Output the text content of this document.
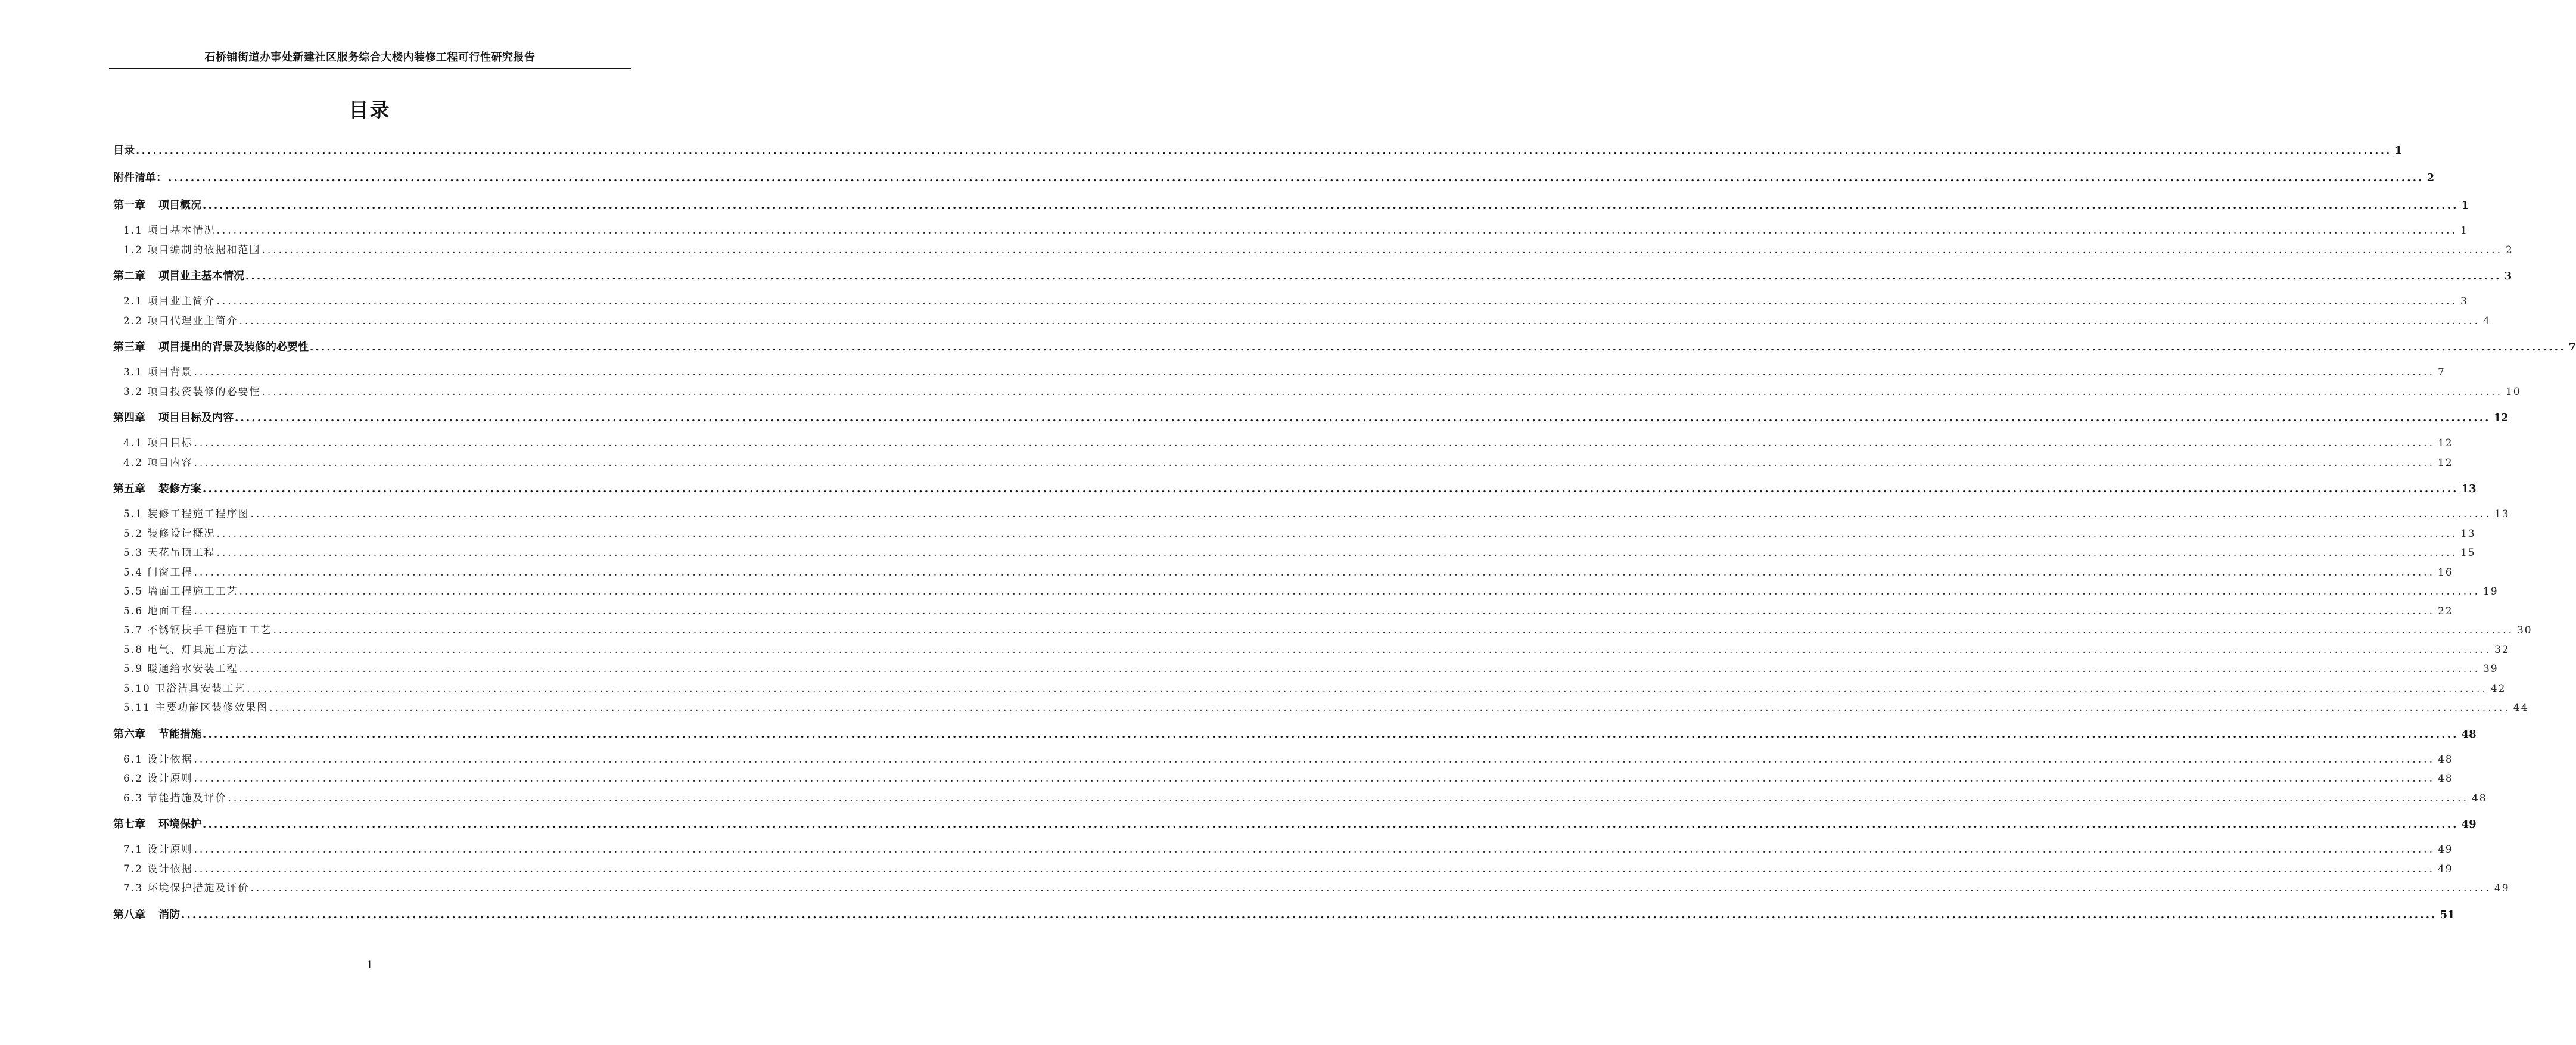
石桥铺街道办事处新建社区服务综合大楼内装修工程可行性研究报告
目录
目录 ................................................................................................................................................................................................................................................................................................................................................................................................................ 1
附件清单： ................................................................................................................................................................................................................................................................................................................................................................................................................ 2
第一章 项目概况 ................................................................................................................................................................................................................................................................................................................................................................................................................ 1
1.1 项目基本情况 ................................................................................................................................................................................................................................................................................................................................................................................................................ 1
1.2 项目编制的依据和范围 ................................................................................................................................................................................................................................................................................................................................................................................................................ 2
第二章 项目业主基本情况 ................................................................................................................................................................................................................................................................................................................................................................................................................ 3
2.1 项目业主简介 ................................................................................................................................................................................................................................................................................................................................................................................................................ 3
2.2 项目代理业主简介 ................................................................................................................................................................................................................................................................................................................................................................................................................ 4
第三章 项目提出的背景及装修的必要性 ................................................................................................................................................................................................................................................................................................................................................................................................................ 7
3.1 项目背景 ................................................................................................................................................................................................................................................................................................................................................................................................................ 7
3.2 项目投资装修的必要性 ................................................................................................................................................................................................................................................................................................................................................................................................................ 10
第四章 项目目标及内容 ................................................................................................................................................................................................................................................................................................................................................................................................................ 12
4.1 项目目标 ................................................................................................................................................................................................................................................................................................................................................................................................................ 12
4.2 项目内容 ................................................................................................................................................................................................................................................................................................................................................................................................................ 12
第五章 装修方案 ................................................................................................................................................................................................................................................................................................................................................................................................................ 13
5.1 装修工程施工程序图 ................................................................................................................................................................................................................................................................................................................................................................................................................ 13
5.2 装修设计概况 ................................................................................................................................................................................................................................................................................................................................................................................................................ 13
5.3 天花吊顶工程 ................................................................................................................................................................................................................................................................................................................................................................................................................ 15
5.4 门窗工程 ................................................................................................................................................................................................................................................................................................................................................................................................................ 16
5.5 墙面工程施工工艺 ................................................................................................................................................................................................................................................................................................................................................................................................................ 19
5.6 地面工程 ................................................................................................................................................................................................................................................................................................................................................................................................................ 22
5.7 不锈钢扶手工程施工工艺 ................................................................................................................................................................................................................................................................................................................................................................................................................ 30
5.8 电气、灯具施工方法 ................................................................................................................................................................................................................................................................................................................................................................................................................ 32
5.9 暖通给水安装工程 ................................................................................................................................................................................................................................................................................................................................................................................................................ 39
5.10 卫浴洁具安装工艺 ................................................................................................................................................................................................................................................................................................................................................................................................................ 42
5.11 主要功能区装修效果图 ................................................................................................................................................................................................................................................................................................................................................................................................................ 44
第六章 节能措施 ................................................................................................................................................................................................................................................................................................................................................................................................................ 48
6.1 设计依据 ................................................................................................................................................................................................................................................................................................................................................................................................................ 48
6.2 设计原则 ................................................................................................................................................................................................................................................................................................................................................................................................................ 48
6.3 节能措施及评价 ................................................................................................................................................................................................................................................................................................................................................................................................................ 48
第七章 环境保护 ................................................................................................................................................................................................................................................................................................................................................................................................................ 49
7.1 设计原则 ................................................................................................................................................................................................................................................................................................................................................................................................................ 49
7.2 设计依据 ................................................................................................................................................................................................................................................................................................................................................................................................................ 49
7.3 环境保护措施及评价 ................................................................................................................................................................................................................................................................................................................................................................................................................ 49
第八章 消防 ................................................................................................................................................................................................................................................................................................................................................................................................................ 51
1
